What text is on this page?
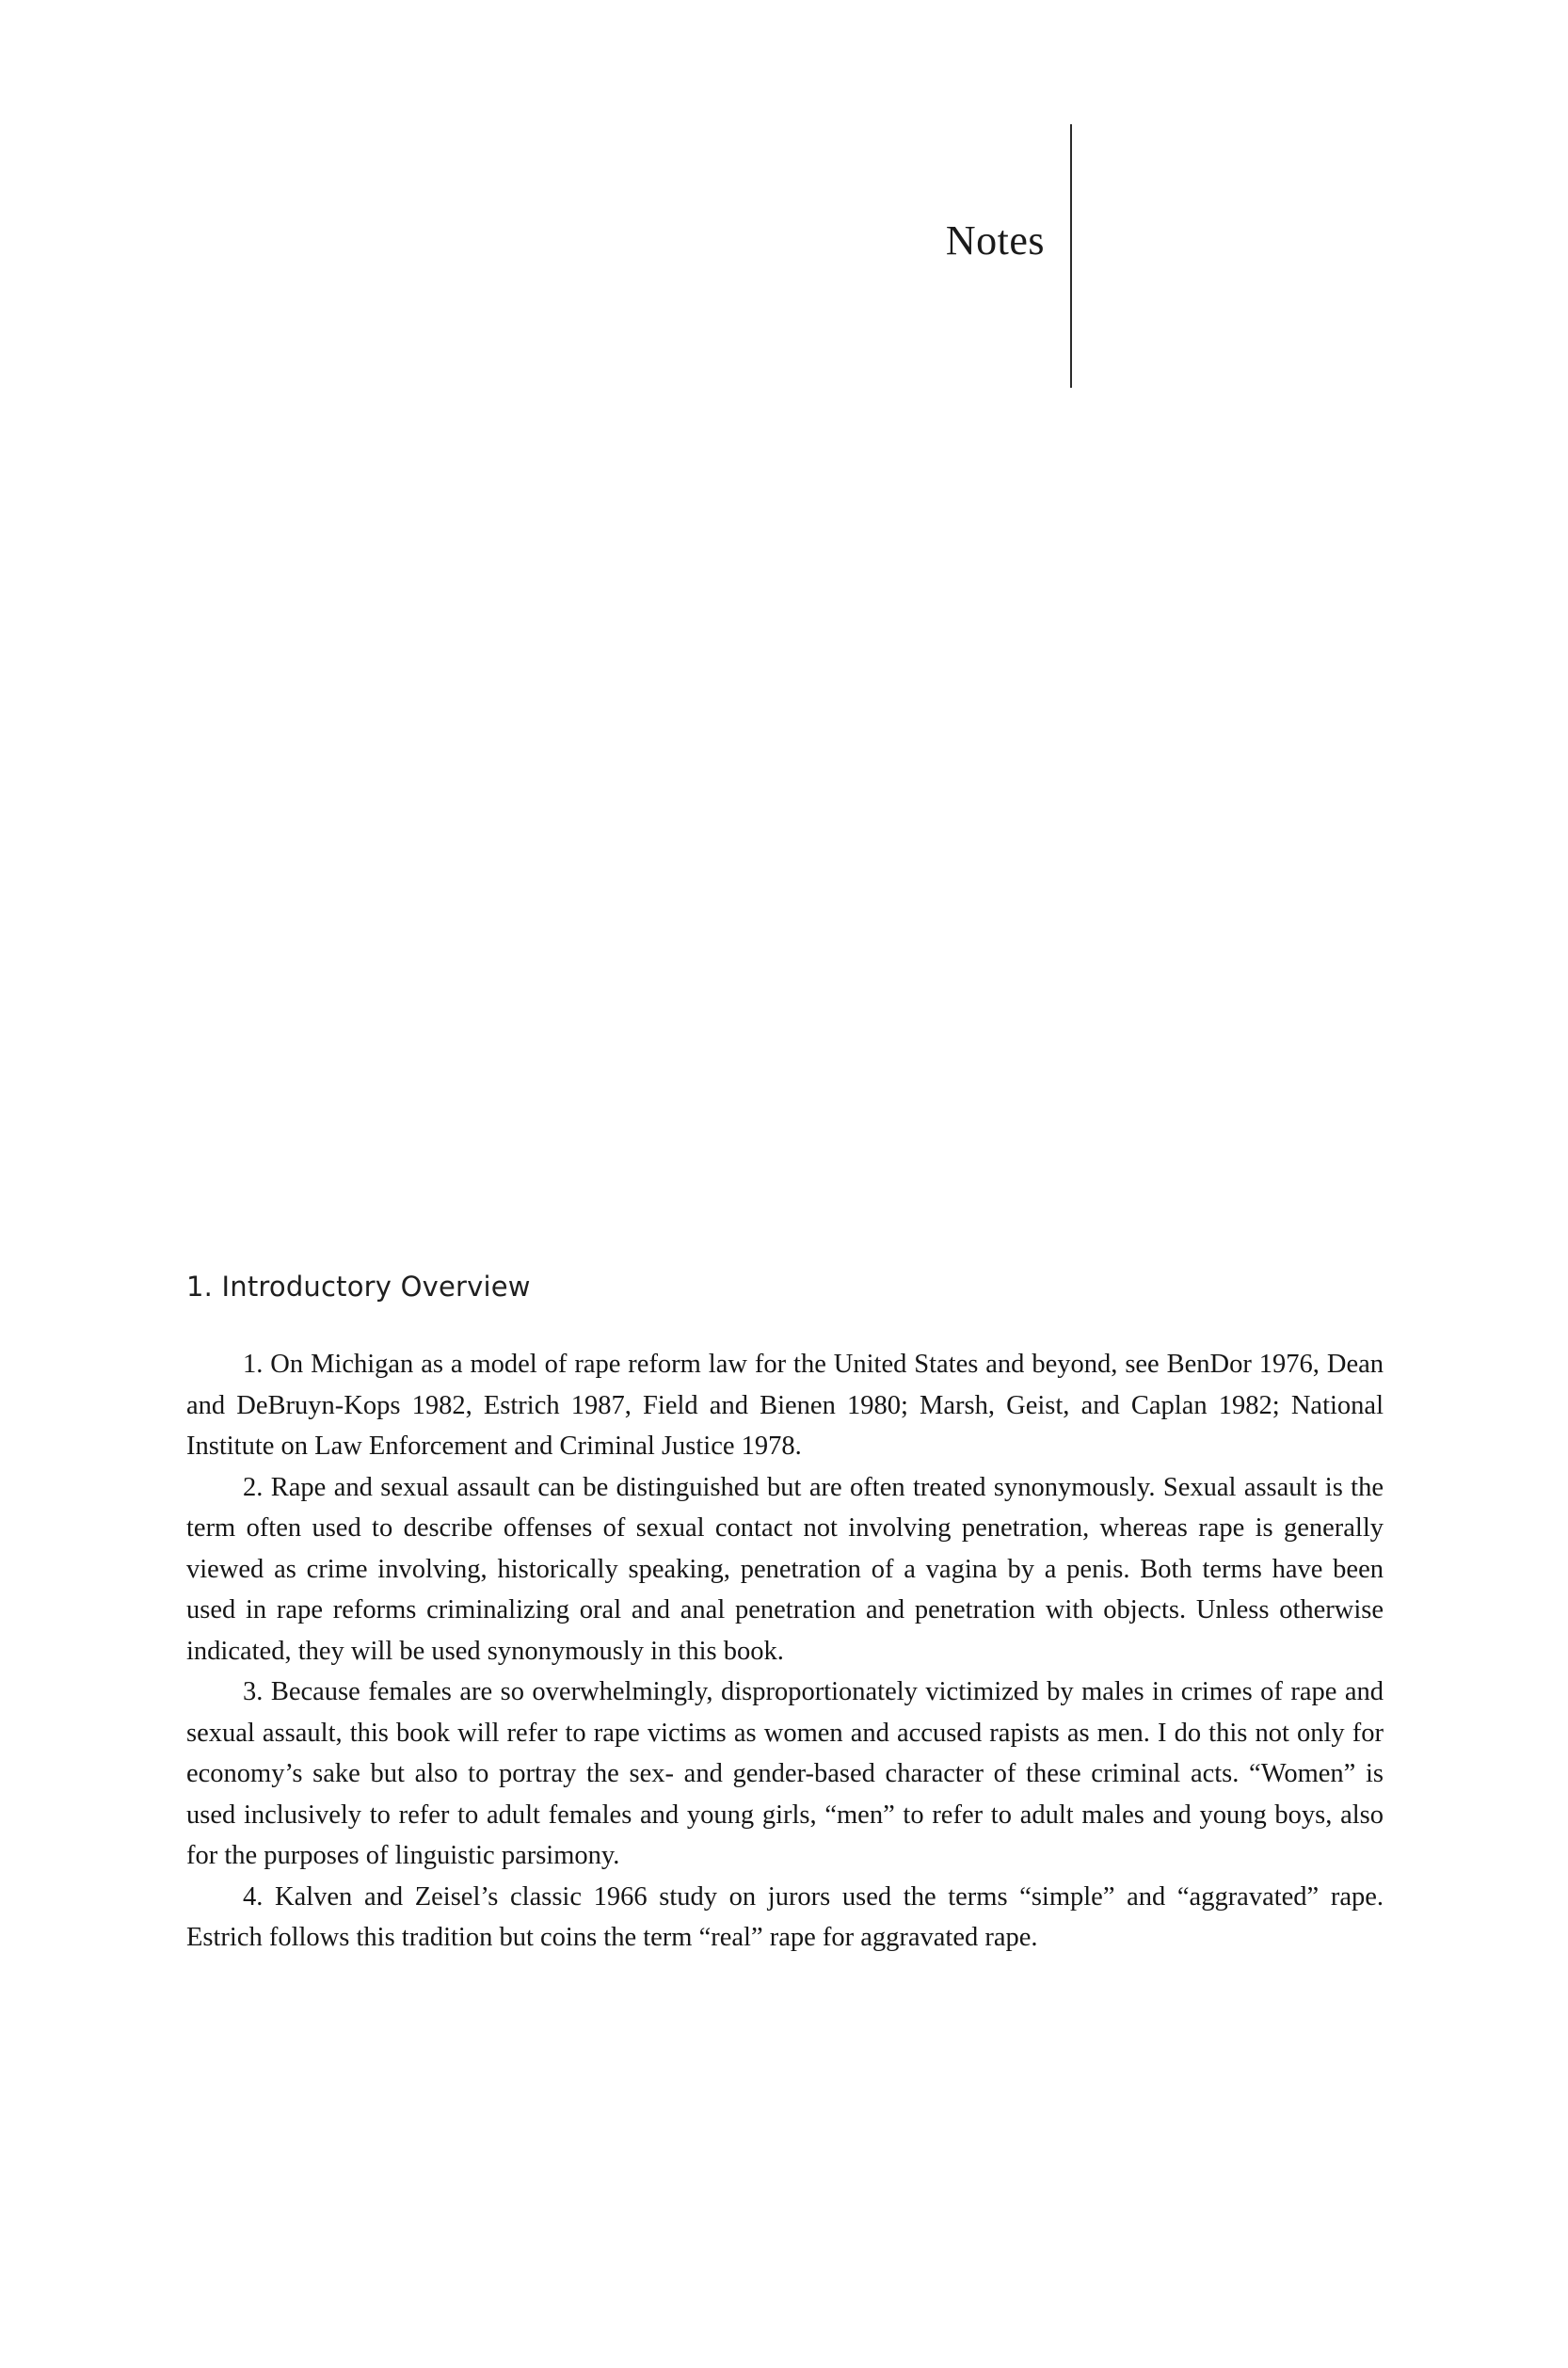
Notes
1. Introductory Overview

1. On Michigan as a model of rape reform law for the United States and beyond, see BenDor 1976, Dean and DeBruyn-Kops 1982, Estrich 1987, Field and Bienen 1980; Marsh, Geist, and Caplan 1982; National Institute on Law Enforcement and Criminal Justice 1978.

2. Rape and sexual assault can be distinguished but are often treated synonymously. Sexual assault is the term often used to describe offenses of sexual contact not involving penetration, whereas rape is generally viewed as crime involving, historically speaking, penetration of a vagina by a penis. Both terms have been used in rape reforms criminalizing oral and anal penetration and penetration with objects. Unless otherwise indicated, they will be used synonymously in this book.

3. Because females are so overwhelmingly, disproportionately victimized by males in crimes of rape and sexual assault, this book will refer to rape victims as women and accused rapists as men. I do this not only for economy’s sake but also to portray the sex- and gender-based character of these criminal acts. “Women” is used inclusively to refer to adult females and young girls, “men” to refer to adult males and young boys, also for the purposes of linguistic parsimony.

4. Kalven and Zeisel’s classic 1966 study on jurors used the terms “simple” and “aggravated” rape. Estrich follows this tradition but coins the term “real” rape for aggravated rape.
